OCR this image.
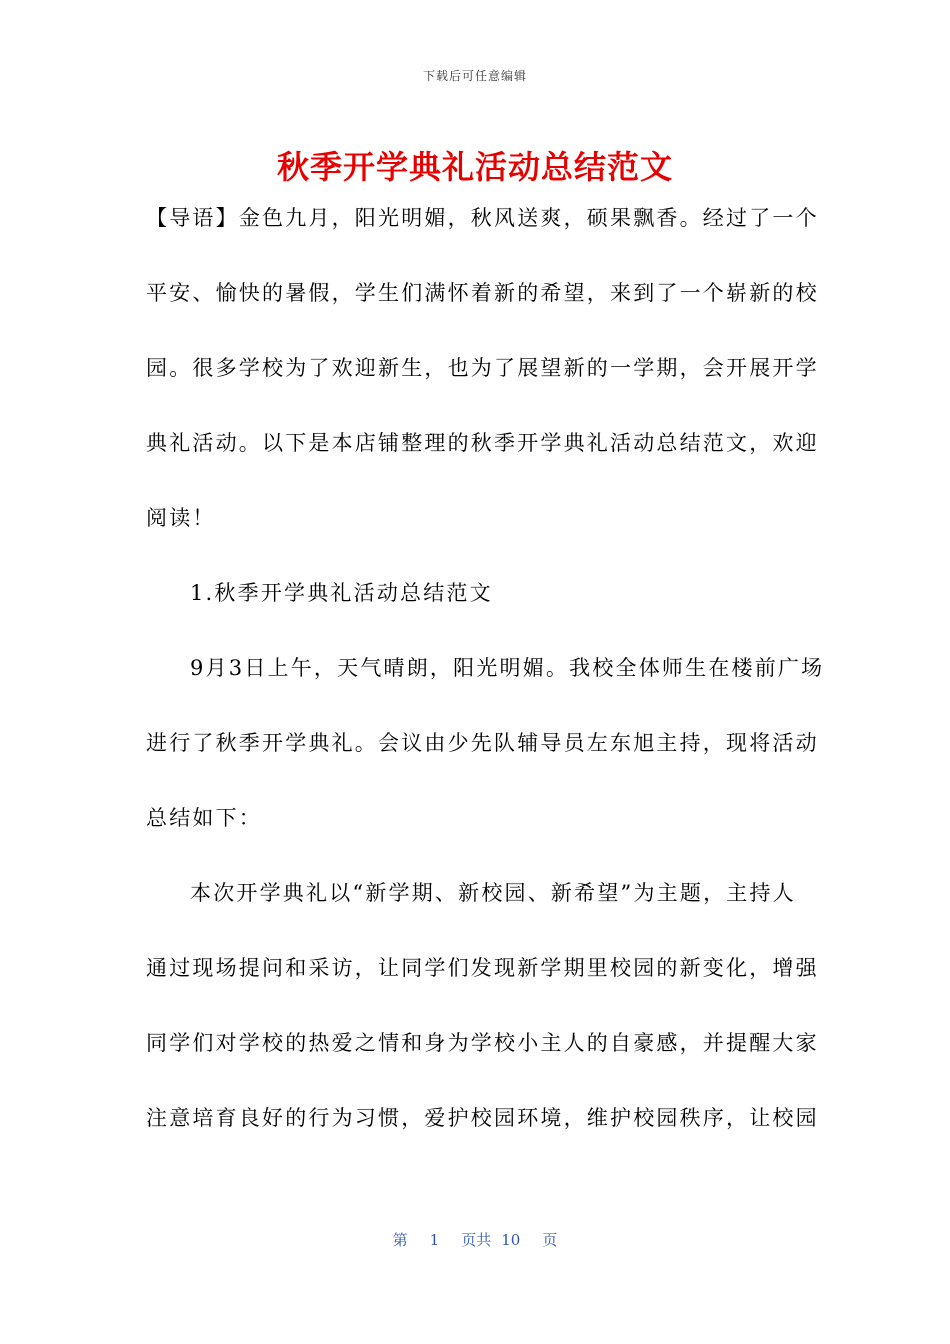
下载后可任意编辑
秋季开学典礼活动总结范文

【导语】金色九月，阳光明媚，秋风送爽，硕果飘香。经过了一个
平安、愉快的暑假，学生们满怀着新的希望，来到了一个崭新的校
园。很多学校为了欢迎新生，也为了展望新的一学期，会开展开学
典礼活动。以下是本店铺整理的秋季开学典礼活动总结范文，欢迎
阅读！

1.秋季开学典礼活动总结范文

9月3日上午，天气晴朗，阳光明媚。我校全体师生在楼前广场
进行了秋季开学典礼。会议由少先队辅导员左东旭主持，现将活动
总结如下：

本次开学典礼以“新学期、新校园、新希望”为主题，主持人
通过现场提问和采访，让同学们发现新学期里校园的新变化，增强
同学们对学校的热爱之情和身为学校小主人的自豪感，并提醒大家
注意培育良好的行为习惯，爱护校园环境，维护校园秩序，让校园

第 1 页共 10 页
